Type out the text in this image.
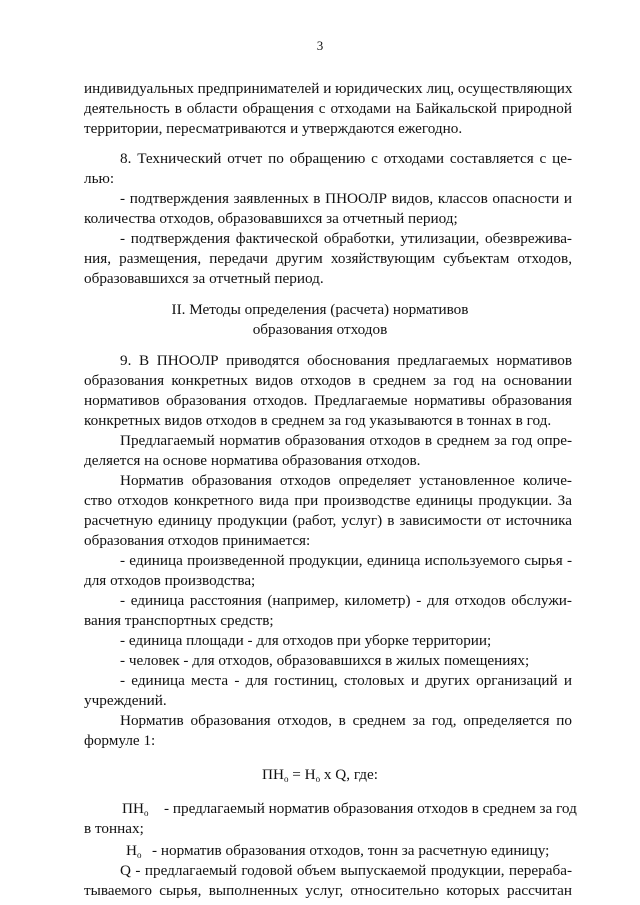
3
индивидуальных предпринимателей и юридических лиц, осуществляющих
деятельность в области обращения с отходами на Байкальской природной
территории, пересматриваются и утверждаются ежегодно.
8. Технический отчет по обращению с отходами составляется с це-
лью:
- подтверждения заявленных в ПНООЛР видов, классов опасности и
количества отходов, образовавшихся за отчетный период;
- подтверждения фактической обработки, утилизации, обезврежива-
ния, размещения, передачи другим хозяйствующим субъектам отходов,
образовавшихся за отчетный период.
II. Методы определения (расчета) нормативов
образования отходов
9. В ПНООЛР приводятся обоснования предлагаемых нормативов
образования конкретных видов отходов в среднем за год на основании
нормативов образования отходов. Предлагаемые нормативы образования
конкретных видов отходов в среднем за год указываются в тоннах в год.
Предлагаемый норматив образования отходов в среднем за год опре-
деляется на основе норматива образования отходов.
Норматив образования отходов определяет установленное количе-
ство отходов конкретного вида при производстве единицы продукции. За
расчетную единицу продукции (работ, услуг) в зависимости от источника
образования отходов принимается:
- единица произведенной продукции, единица используемого сырья -
для отходов производства;
- единица расстояния (например, километр) - для отходов обслужи-
вания транспортных средств;
- единица площади - для отходов при уборке территории;
- человек - для отходов, образовавшихся в жилых помещениях;
- единица места - для гостиниц, столовых и других организаций и
учреждений.
Норматив образования отходов, в среднем за год, определяется по
формуле 1:
$ПН_о = Н_о$ х Q, где:
$ПН_о$ - предлагаемый норматив образования отходов в среднем за год
в тоннах;
$Н_о$ - норматив образования отходов, тонн за расчетную единицу;
Q - предлагаемый годовой объем выпускаемой продукции, перераба-
тываемого сырья, выполненных услуг, относительно которых рассчитан
